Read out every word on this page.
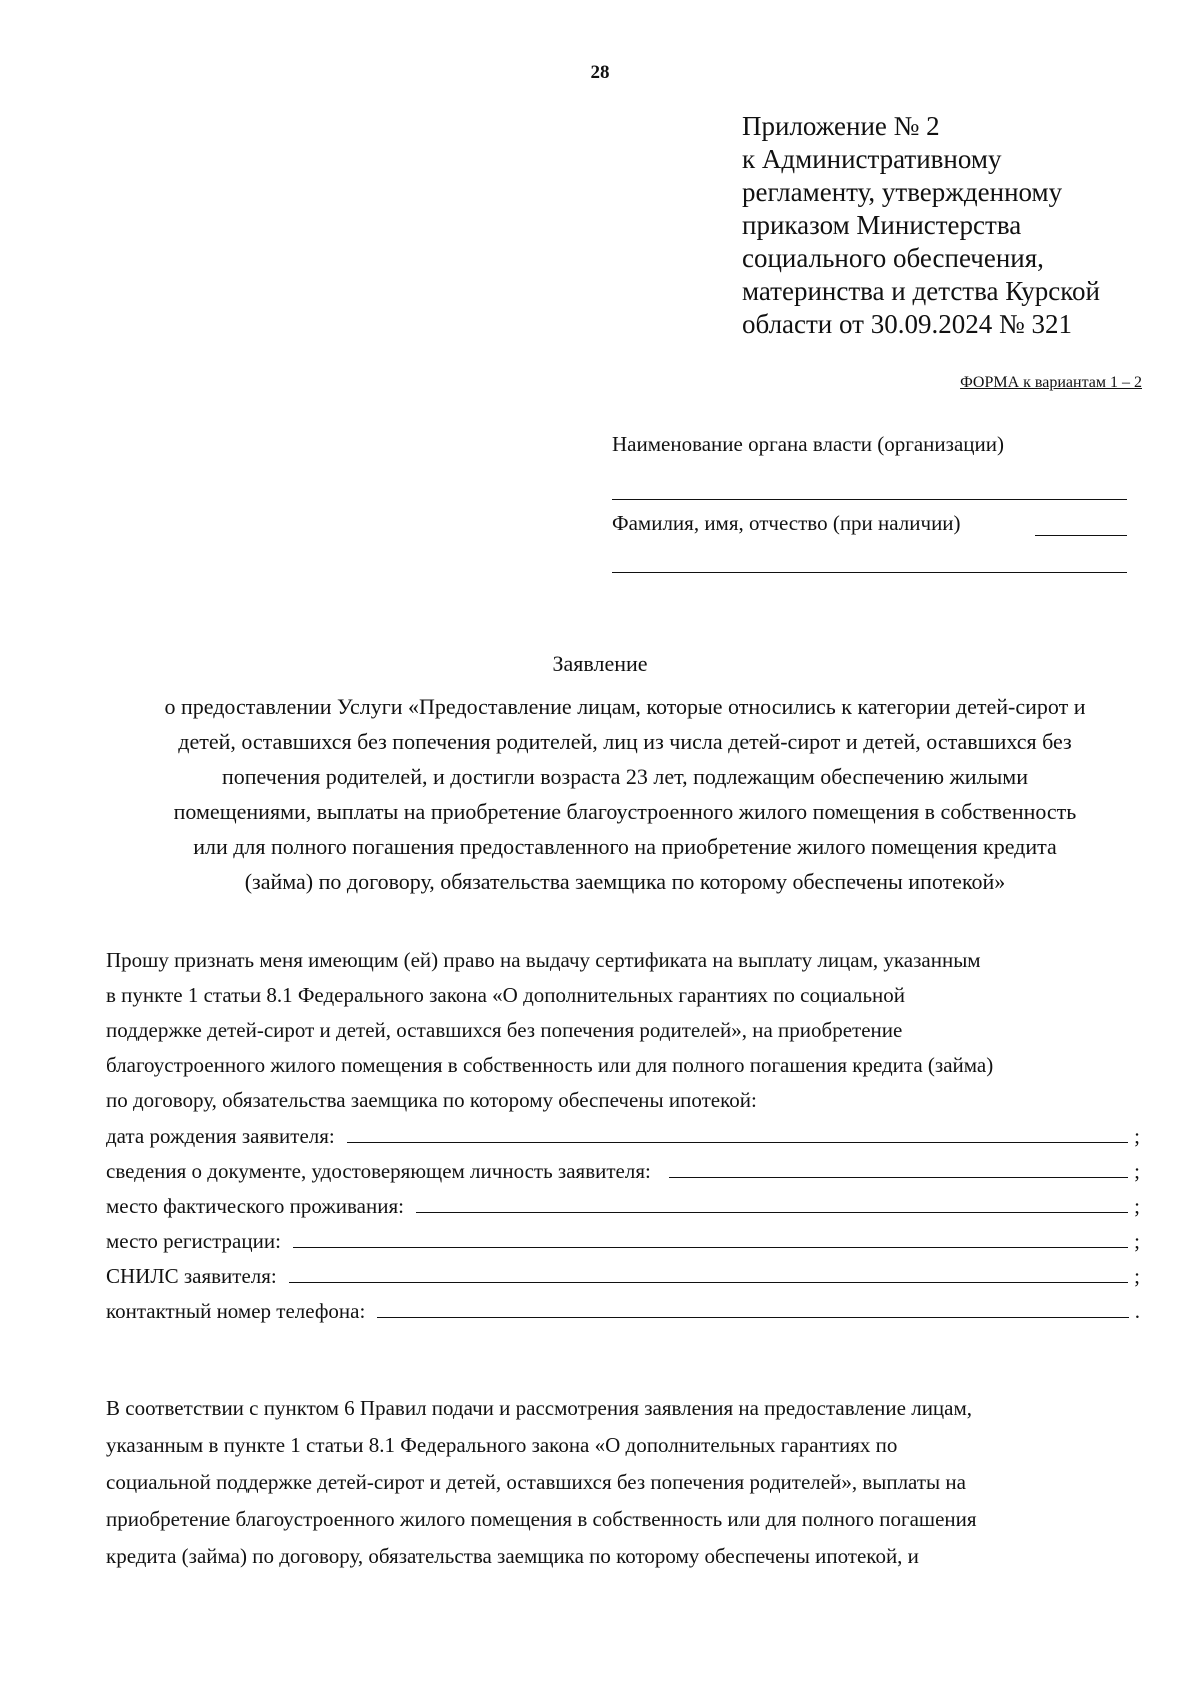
28
Приложение № 2
к Административному
регламенту, утвержденному
приказом Министерства
социального обеспечения,
материнства и детства Курской
области от 30.09.2024 № 321
ФОРМА к вариантам 1 – 2
Наименование органа власти (организации)
Фамилия, имя, отчество (при наличии)
Заявление
о предоставлении Услуги «Предоставление лицам, которые относились к категории детей-сирот и
детей, оставшихся без попечения родителей, лиц из числа детей-сирот и детей, оставшихся без
попечения родителей, и достигли возраста 23 лет, подлежащим обеспечению жилыми
помещениями, выплаты на приобретение благоустроенного жилого помещения в собственность
или для полного погашения предоставленного на приобретение жилого помещения кредита
(займа) по договору, обязательства заемщика по которому обеспечены ипотекой»
Прошу признать меня имеющим (ей) право на выдачу сертификата на выплату лицам, указанным
в пункте 1 статьи 8.1 Федерального закона «О дополнительных гарантиях по социальной
поддержке детей-сирот и детей, оставшихся без попечения родителей», на приобретение
благоустроенного жилого помещения в собственность или для полного погашения кредита (займа)
по договору, обязательства заемщика по которому обеспечены ипотекой:
дата рождения заявителя:	;
сведения о документе, удостоверяющем личность заявителя:	;
место фактического проживания:	;
место регистрации:	;
СНИЛС заявителя:	;
контактный номер телефона:	.
В соответствии с пунктом 6 Правил подачи и рассмотрения заявления на предоставление лицам,
указанным в пункте 1 статьи 8.1 Федерального закона «О дополнительных гарантиях по
социальной поддержке детей-сирот и детей, оставшихся без попечения родителей», выплаты на
приобретение благоустроенного жилого помещения в собственность или для полного погашения
кредита (займа) по договору, обязательства заемщика по которому обеспечены ипотекой, и
